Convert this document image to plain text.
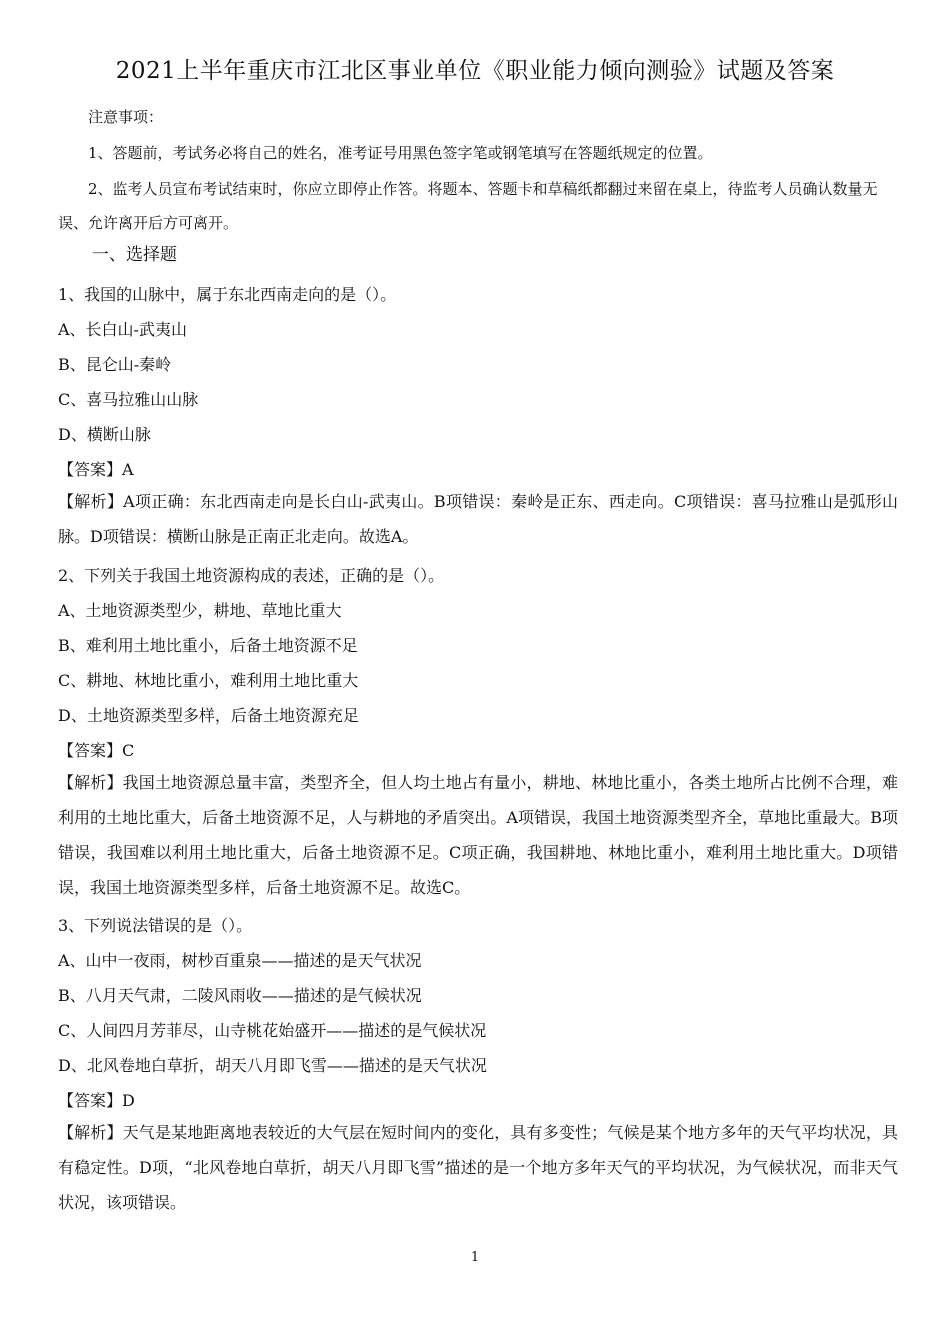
2021上半年重庆市江北区事业单位《职业能力倾向测验》试题及答案
注意事项：
1、答题前，考试务必将自己的姓名，准考证号用黑色签字笔或钢笔填写在答题纸规定的位置。
2、监考人员宣布考试结束时，你应立即停止作答。将题本、答题卡和草稿纸都翻过来留在桌上，待监考人员确认数量无误、允许离开后方可离开。
一、选择题
1、我国的山脉中，属于东北西南走向的是（）。
A、长白山-武夷山
B、昆仑山-秦岭
C、喜马拉雅山山脉
D、横断山脉
【答案】A
【解析】A项正确：东北西南走向是长白山-武夷山。B项错误：秦岭是正东、西走向。C项错误：喜马拉雅山是弧形山脉。D项错误：横断山脉是正南正北走向。故选A。
2、下列关于我国土地资源构成的表述，正确的是（）。
A、土地资源类型少，耕地、草地比重大
B、难利用土地比重小，后备土地资源不足
C、耕地、林地比重小，难利用土地比重大
D、土地资源类型多样，后备土地资源充足
【答案】C
【解析】我国土地资源总量丰富，类型齐全，但人均土地占有量小，耕地、林地比重小，各类土地所占比例不合理，难利用的土地比重大，后备土地资源不足，人与耕地的矛盾突出。A项错误，我国土地资源类型齐全，草地比重最大。B项错误，我国难以利用土地比重大，后备土地资源不足。C项正确，我国耕地、林地比重小，难利用土地比重大。D项错误，我国土地资源类型多样，后备土地资源不足。故选C。
3、下列说法错误的是（）。
A、山中一夜雨，树杪百重泉——描述的是天气状况
B、八月天气肃，二陵风雨收——描述的是气候状况
C、人间四月芳菲尽，山寺桃花始盛开——描述的是气候状况
D、北风卷地白草折，胡天八月即飞雪——描述的是天气状况
【答案】D
【解析】天气是某地距离地表较近的大气层在短时间内的变化，具有多变性；气候是某个地方多年的天气平均状况，具有稳定性。D项，“北风卷地白草折，胡天八月即飞雪”描述的是一个地方多年天气的平均状况，为气候状况，而非天气状况，该项错误。
1
